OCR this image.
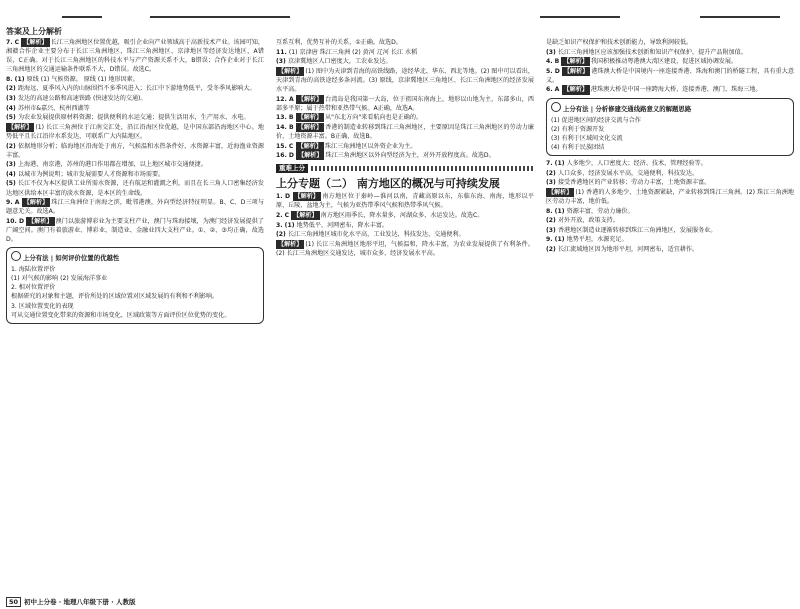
答案及上分解析

7. C 【解析】 长江三角洲地区位置优越，吸引企业向产业领域高于高新技术产业。该园可知，湘赣合作企业主要分布于长江三角洲地区，珠江三角洲地区、京津地区等经济发达地区，A错误，C正确。对于长江三角洲地区的科技水平与产产资源关系不大，B错误；合作企业对于长江三角洲地区的交通运输条件联系不大，D错误。故选C。

8. (1) 原线 (1) 气候资源。 原线 (1) 地形因素。

(2) 距海远，夏季风入内的山脉围挡不多季风进入；长江中下游地势低平，受冬季风影响大。

(3) 发达的高速公路和高速铁路 (快速发达的交通)。

(4) 苏州市&嘉兴、杭州西湖等

(5) 为农业发展提供原材料资源；提供便利的水运交通；提供生活用水，生产用水、水电。

【解析】 (1) 长江三角洲位于江南交汇处，沿江沿海区位优越，是中国东部沿海地区中心。地势低平且长江沿岸水系发达，可联系广大内陆地区。

(2) 依据地形分析；临海地区沿海处于南方，气候温和水热条件好，水资源丰富，近海渔业资源丰富。

(3) 上海港、南京港，苏州的港口作用都在增加，以上地区城市交通便捷。

(4) 以城市为例说明；城市发展需要人才资源和市场需要。

(5) 长江不仅为本区提供工业所需水资源，还有航运和灌溉之利，而且在长三角人口密集经济发达地区供给本区丰富的淡水资源，是本区的生命线。

9. A 【解析】 珠江三角洲位于南海之滨，毗邻港澳，外向型经济特征明显。B、C、D三项与题意无关。故选A。

10. D 【解析】 澳门以旅游博彩业为主要支柱产业，澳门与珠海接壤，为澳门经济发展提供了广阔空间。澳门有着旅游业、博彩业、制造业、金融业四大支柱产业。①、②、③均正确，故选D。

上分有法 | 如何评价位置的优越性
1. 海陆位置评价
(1) 对气候的影响 (2) 发展海洋事业
2. 相对位置评价
根据研究的对象和主题，评价所处的区域位置对区域发展的有利和不利影响。
3. 区域位置变化的表现
可从交通位置变化带来的资源和市场变化、区域政策等方面评价区位优势的变化。

互系互利，优势互补的关系，①正确。故选D。

11. (1) 京津唐 珠江三角洲 (2) 黄河 辽河 长江 水稻

(3) 京津冀地区人口密度大，工农业发达。

【解析】 (1) 图中为天津到青海的高铁线路，途经华北、华东、西北等地。(2) 图中可以看出，天津到青海的高铁途经多条河流。(3) 原线，京津冀地区三角地区、长江三角洲地区的经济发展水平高。

12. A 【解析】 台湾岛是我国第一大岛，位于祖国东南海上，地形以山地为主，东部多山，西部多平原；属于热带和亚热带气候。A正确，故选A。

13. B 【解析】 从"东北方向"来看航向也是正确的。

14. B 【解析】 香港的制造业转移到珠江三角洲地区，主要原因是珠江三角洲地区的劳动力廉价，土地资源丰富。B正确，故选B。

15. C 【解析】 珠江三角洲地区以外资企业为主。

16. D 【解析】 珠江三角洲地区以外向型经济为主，对外开放程度高。故选D。

重难上分
上分专题（二） 南方地区的概况与可持续发展

1. D 【解析】 南方地区位于秦岭—淮河以南，青藏高原以东，东临东海、南海，地形以平原、丘陵、盆地为主，气候为亚热带季风气候和热带季风气候。

2. C 【解析】 南方地区雨季长，降水量多，河湖众多，水运发达。故选C。

3. (1) 地势低平，河网密布，降水丰富。

(2) 长江三角洲地区城市化水平高，工业发达，科技发达，交通便利。

【解析】 (1) 长江三角洲地区地形平坦，气候温和，降水丰富，为农业发展提供了有利条件。(2) 长江三角洲地区交通发达，城市众多，经济发展水平高。

是缺乏如识产权保护和技术创新能力，导致利润较低。

(3) 长江三角洲地区应该加强技术创新和知识产权保护，提升产品附加值。

4. B 【解析】 我国积极推动粤港澳大湾区建设，促进区域协调发展。

5. D 【解析】 港珠澳大桥是中国境内一座连接香港、珠海和澳门的桥隧工程，具有重大意义。

6. A 【解析】 港珠澳大桥是中国一座跨海大桥，连接香港、澳门、珠海三地。

上分有法 | 分析修建交通线路意义的解题思路
(1) 促进地区间的经济交流与合作
(2) 有利于资源开发
(3) 有利于区域间文化交流
(4) 有利于民族团结

7. (1) 人多地少，人口密度大；经济、技术、管理经验等。

(2) 人口众多，经济发展水平高，交通便利，科技发达。

(3) 接受香港地区的产业转移；劳动力丰富，土地资源丰富。

【解析】 (1) 香港的人多地少，土地资源紧缺，产业转移到珠江三角洲。(2) 珠江三角洲地区劳动力丰富，地价低。

8. (1) 资源丰富，劳动力廉价。

(2) 对外开放，政策支持。

(3) 香港地区制造业逐渐转移到珠江三角洲地区，发展服务业。

9. (1) 地势平坦，水源充足。

(2) 长江流域地区因为地形平坦，河网密布，适宜耕作。

50 初中上分卷 · 地理八年级下册 · 人教版
